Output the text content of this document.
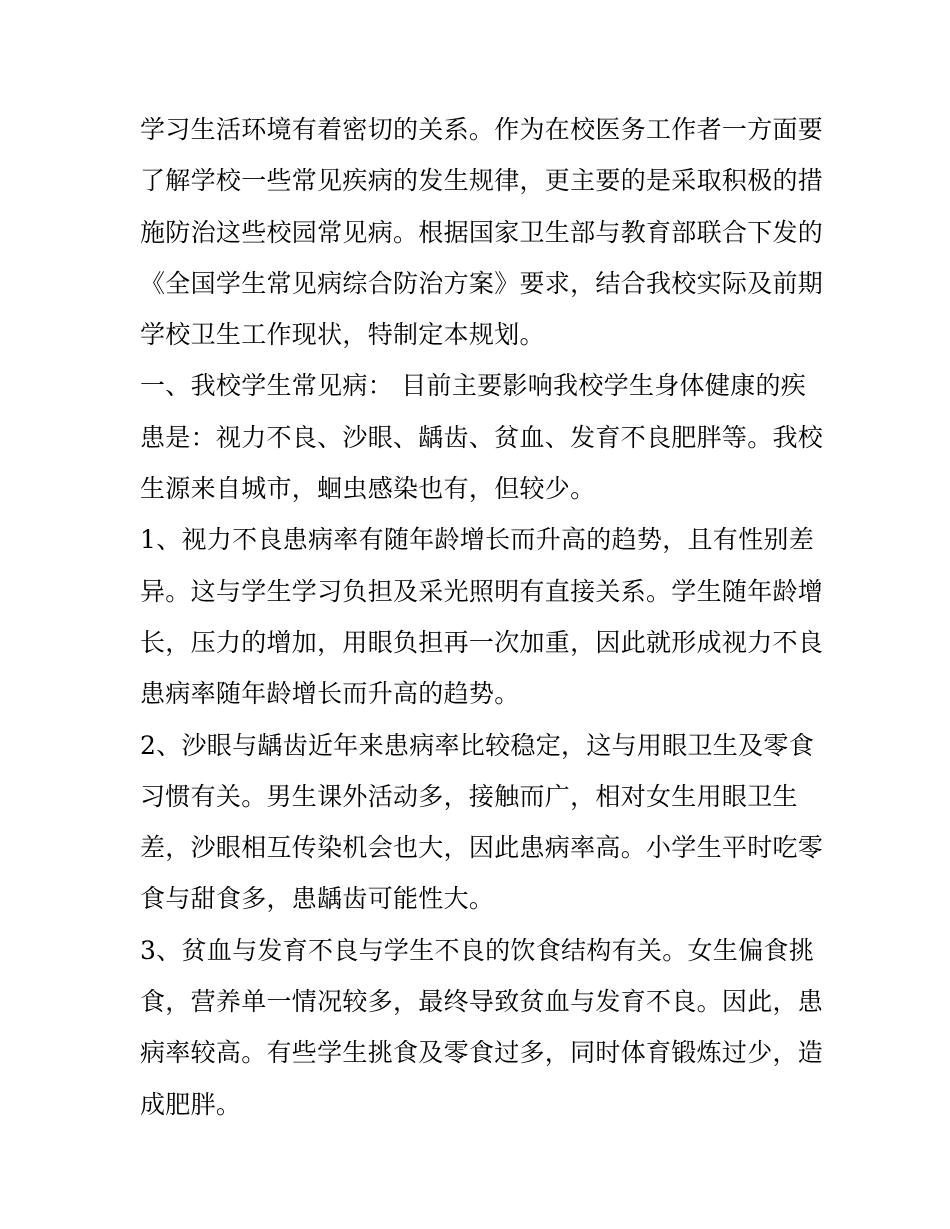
学习生活环境有着密切的关系。作为在校医务工作者一方面要
了解学校一些常见疾病的发生规律，更主要的是采取积极的措
施防治这些校园常见病。根据国家卫生部与教育部联合下发的
《全国学生常见病综合防治方案》要求，结合我校实际及前期
学校卫生工作现状，特制定本规划。
一、我校学生常见病： 目前主要影响我校学生身体健康的疾
患是：视力不良、沙眼、龋齿、贫血、发育不良肥胖等。我校
生源来自城市，蛔虫感染也有，但较少。
1、视力不良患病率有随年龄增长而升高的趋势，且有性别差
异。这与学生学习负担及采光照明有直接关系。学生随年龄增
长，压力的增加，用眼负担再一次加重，因此就形成视力不良
患病率随年龄增长而升高的趋势。
2、沙眼与龋齿近年来患病率比较稳定，这与用眼卫生及零食
习惯有关。男生课外活动多，接触而广，相对女生用眼卫生
差，沙眼相互传染机会也大，因此患病率高。小学生平时吃零
食与甜食多，患龋齿可能性大。
3、贫血与发育不良与学生不良的饮食结构有关。女生偏食挑
食，营养单一情况较多，最终导致贫血与发育不良。因此，患
病率较高。有些学生挑食及零食过多，同时体育锻炼过少，造
成肥胖。
